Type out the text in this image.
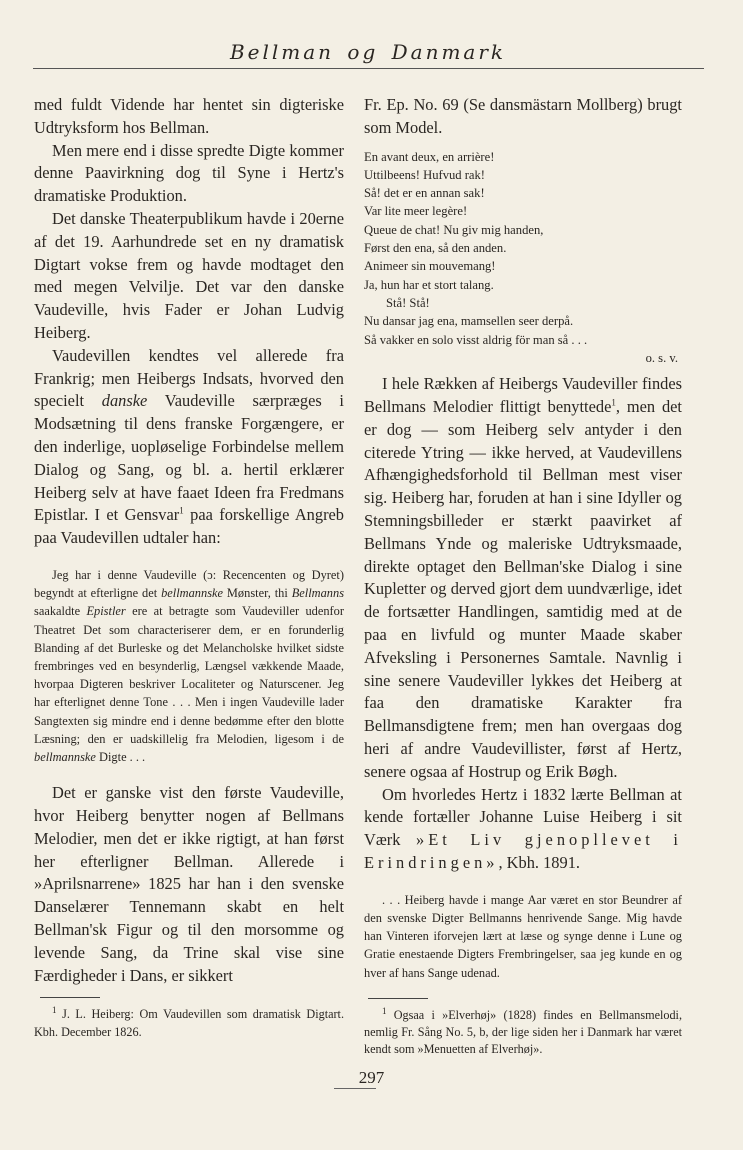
Bellman og Danmark

med fuldt Vidende har hentet sin digteriske Udtryksform hos Bellman.

Men mere end i disse spredte Digte kommer denne Paavirkning dog til Syne i Hertz's dramatiske Produktion.

Det danske Theaterpublikum havde i 20erne af det 19. Aarhundrede set en ny dramatisk Digtart vokse frem og havde modtaget den med megen Velvilje. Det var den danske Vaudeville, hvis Fader er Johan Ludvig Heiberg.

Vaudevillen kendtes vel allerede fra Frankrig; men Heibergs Indsats, hvorved den specielt danske Vaudeville særpræges i Modsætning til dens franske Forgængere, er den inderlige, uopløselige Forbindelse mellem Dialog og Sang, og bl. a. hertil erklærer Heiberg selv at have faaet Ideen fra Fredmans Epistlar. I et Gensvar$^1$ paa forskellige Angreb paa Vaudevillen udtaler han:

Jeg har i denne Vaudeville (ɔ: Recencenten og Dyret) begyndt at efterligne det bellmannske Mønster, thi Bellmanns saakaldte Epistler ere at betragte som Vaudeviller udenfor Theatret Det som characteriserer dem, er en forunderlig Blanding af det Burleske og det Melancholske hvilket sidste frembringes ved en besynderlig, Længsel vækkende Maade, hvorpaa Digteren beskriver Localiteter og Naturscener. Jeg har efterlignet denne Tone . . . Men i ingen Vaudeville lader Sangtexten sig mindre end i denne bedømme efter den blotte Læsning; den er uadskillelig fra Melodien, ligesom i de bellmannske Digte . . .

Det er ganske vist den første Vaudeville, hvor Heiberg benytter nogen af Bellmans Melodier, men det er ikke rigtigt, at han først her efterligner Bellman. Allerede i »Aprilsnarrene» 1825 har han i den svenske Danselærer Tennemann skabt en helt Bellman'sk Figur og til den morsomme og levende Sang, da Trine skal vise sine Færdigheder i Dans, er sikkert

$^1$ J. L. Heiberg: Om Vaudevillen som dramatisk Digtart. Kbh. December 1826.

Fr. Ep. No. 69 (Se dansmästarn Mollberg) brugt som Model.

En avant deux, en arrière!
Uttilbeens! Hufvud rak!
Så! det er en annan sak!
Var lite meer legère!
Queue de chat! Nu giv mig handen,
Først den ena, så den anden.
Animeer sin mouvemang!
Ja, hun har et stort talang.
Stå! Stå!
Nu dansar jag ena, mamsellen seer derpå.
Så vakker en solo visst aldrig för man så . . .
o. s. v.

I hele Rækken af Heibergs Vaudeviller findes Bellmans Melodier flittigt benyttede$^1$, men det er dog — som Heiberg selv antyder i den citerede Ytring — ikke herved, at Vaudevillens Afhængighedsforhold til Bellman mest viser sig. Heiberg har, foruden at han i sine Idyller og Stemningsbilleder er stærkt paavirket af Bellmans Ynde og maleriske Udtryksmaade, direkte optaget den Bellman'ske Dialog i sine Kupletter og derved gjort dem uundværlige, idet de fortsætter Handlingen, samtidig med at de paa en livfuld og munter Maade skaber Afveksling i Personernes Samtale. Navnlig i sine senere Vaudeviller lykkes det Heiberg at faa den dramatiske Karakter fra Bellmansdigtene frem; men han overgaas dog heri af andre Vaudevillister, først af Hertz, senere ogsaa af Hostrup og Erik Bøgh.

Om hvorledes Hertz i 1832 lærte Bellman at kende fortæller Johanne Luise Heiberg i sit Værk »Et Liv gjenopllevet i Erindringen», Kbh. 1891.

. . . Heiberg havde i mange Aar været en stor Beundrer af den svenske Digter Bellmanns henrivende Sange. Mig havde han Vinteren iforvejen lært at læse og synge denne i Lune og Gratie enestaende Digters Frembringelser, saa jeg kunde en og hver af hans Sange udenad.

$^1$ Ogsaa i »Elverhøj» (1828) findes en Bellmansmelodi, nemlig Fr. Sång No. 5, b, der lige siden her i Danmark har været kendt som »Menuetten af Elverhøj».

297
